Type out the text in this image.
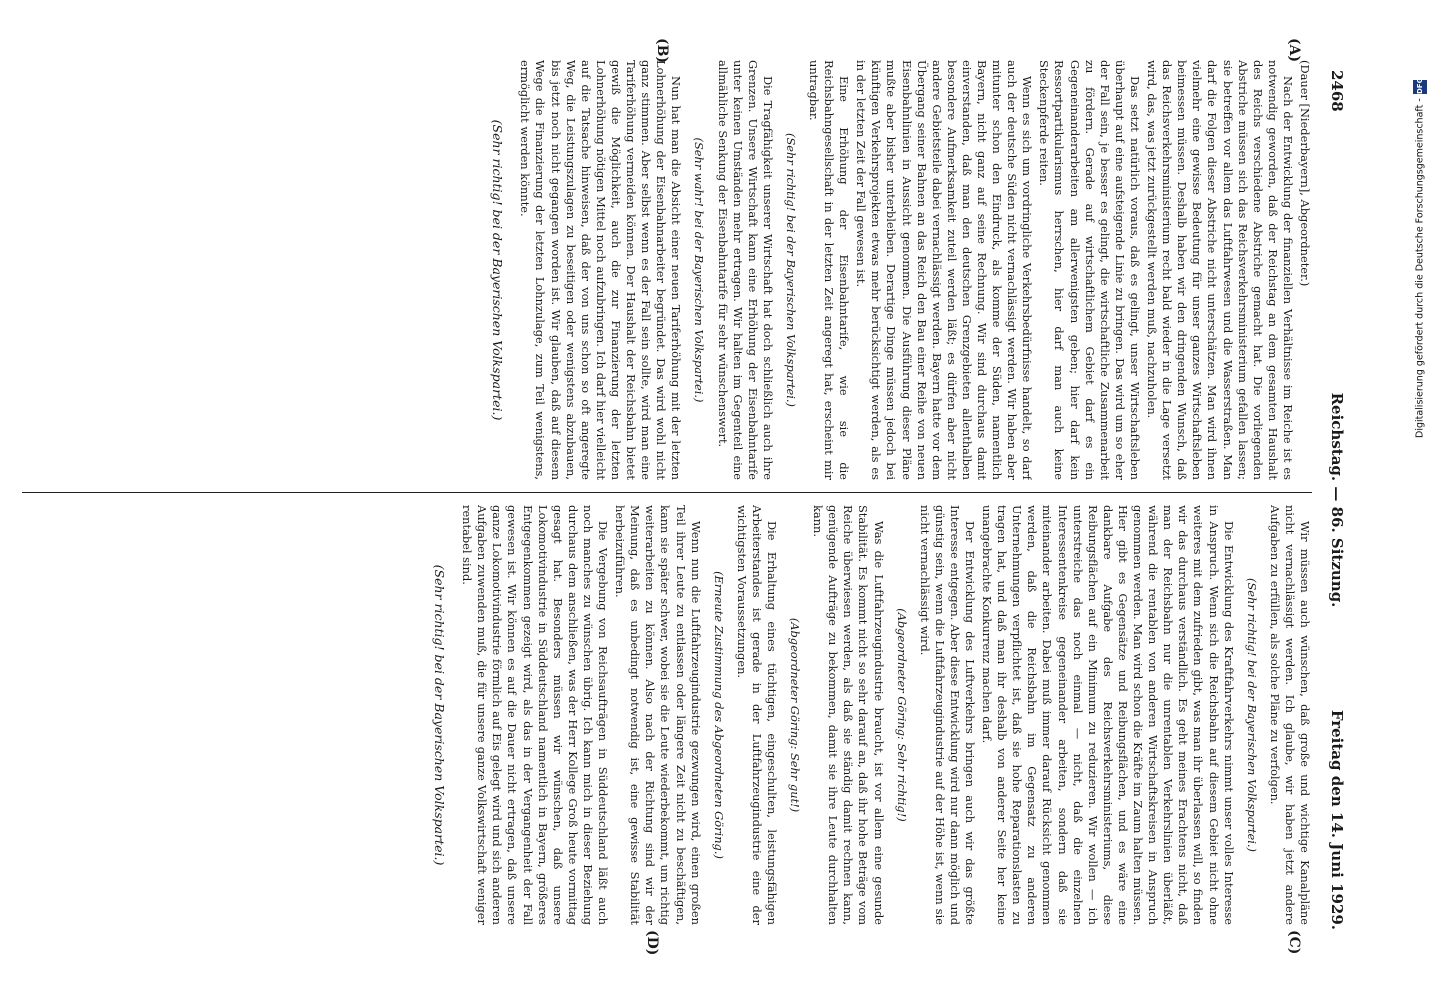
2468
Reichstag. — 86. Sitzung.
Freitag den 14. Juni 1929.
(A)
(B)
(C)
(D)

(Dauer [Niederbayern], Abgeordneter.)

Nach der Entwicklung der finanziellen Verhältnisse im Reiche ist es notwendig geworden, daß der Reichstag an dem gesamten Haushalt des Reichs verschiedene Abstriche gemacht hat. Die vorliegenden Abstriche müssen sich das Reichsverkehrsministerium gefallen lassen; sie betreffen vor allem das Luftfahrwesen und die Wasserstraßen. Man darf die Folgen dieser Abstriche nicht unterschätzen. Man wird ihnen vielmehr eine gewisse Bedeutung für unser ganzes Wirtschaftsleben beimessen müssen. Deshalb haben wir den dringenden Wunsch, daß das Reichsverkehrsministerium recht bald wieder in die Lage versetzt wird, das, was jetzt zurückgestellt werden muß, nachzuholen.

Das setzt natürlich voraus, daß es gelingt, unser Wirtschaftsleben überhaupt auf eine aufsteigende Linie zu bringen. Das wird um so eher der Fall sein, je besser es gelingt, die wirtschaftliche Zusammenarbeit zu fördern. Gerade auf wirtschaftlichem Gebiet darf es ein Gegeneinanderarbeiten am allerwenigsten geben; hier darf kein Ressortpartikularismus herrschen, hier darf man auch keine Steckenpferde reiten.

Wenn es sich um vordringliche Verkehrsbedürfnisse handelt, so darf auch der deutsche Süden nicht vernachlässigt werden. Wir haben aber mitunter schon den Eindruck, als komme der Süden, namentlich Bayern, nicht ganz auf seine Rechnung. Wir sind durchaus damit einverstanden, daß man den deutschen Grenzgebieten allenthalben besondere Aufmerksamkeit zuteil werden läßt; es dürfen aber nicht andere Gebietsteile dabei vernachlässigt werden. Bayern hatte vor dem Übergang seiner Bahnen an das Reich den Bau einer Reihe von neuen Eisenbahnlinien in Aussicht genommen. Die Ausführung dieser Pläne mußte aber bisher unterbleiben. Derartige Dinge müssen jedoch bei künftigen Verkehrsprojekten etwas mehr berücksichtigt werden, als es in der letzten Zeit der Fall gewesen ist.

Eine Erhöhung der Eisenbahntarife, wie sie die Reichsbahngesellschaft in der letzten Zeit angeregt hat, erscheint mir untragbar.

(Sehr richtig! bei der Bayerischen Volkspartei.)

Die Tragfähigkeit unserer Wirtschaft hat doch schließlich auch ihre Grenzen. Unsere Wirtschaft kann eine Erhöhung der Eisenbahntarife unter keinen Umständen mehr ertragen. Wir halten im Gegenteil eine allmähliche Senkung der Eisenbahntarife für sehr wünschenswert.

(Sehr wahr! bei der Bayerischen Volkspartei.)

Nun hat man die Absicht einer neuen Tariferhöhung mit der letzten Lohnerhöhung der Eisenbahnarbeiter begründet. Das wird wohl nicht ganz stimmen. Aber selbst wenn es der Fall sein sollte, wird man eine Tariferhöhung vermeiden können. Der Haushalt der Reichsbahn bietet gewiß die Möglichkeit, auch die zur Finanzierung der letzten Lohnerhöhung nötigen Mittel noch aufzubringen. Ich darf hier vielleicht auf die Tatsache hinweisen, daß der von uns schon so oft angeregte Weg, die Leistungszulagen zu beseitigen oder wenigstens abzubauen, bis jetzt noch nicht gegangen worden ist. Wir glauben, daß auf diesem Wege die Finanzierung der letzten Lohnzulage, zum Teil wenigstens, ermöglicht werden könnte.

(Sehr richtig! bei der Bayerischen Volkspartei.)

Wir müssen auch wünschen, daß große und wichtige Kanalpläne nicht vernachlässigt werden. Ich glaube, wir haben jetzt andere Aufgaben zu erfüllen, als solche Pläne zu verfolgen.

(Sehr richtig! bei der Bayerischen Volkspartei.)

Die Entwicklung des Kraftfahrverkehrs nimmt unser volles Interesse in Anspruch. Wenn sich die Reichsbahn auf diesem Gebiet nicht ohne weiteres mit dem zufrieden gibt, was man ihr überlassen will, so finden wir das durchaus verständlich. Es geht meines Erachtens nicht, daß man der Reichsbahn nur die unrentablen Verkehrslinien überläßt, während die rentablen von anderen Wirtschaftskreisen in Anspruch genommen werden. Man wird schon die Kräfte im Zaum halten müssen. Hier gibt es Gegensätze und Reibungsflächen, und es wäre eine dankbare Aufgabe des Reichsverkehrsministeriums, diese Reibungsflächen auf ein Minimum zu reduzieren. Wir wollen — ich unterstreiche das noch einmal — nicht, daß die einzelnen Interessentenkreise gegeneinander arbeiten, sondern daß sie miteinander arbeiten. Dabei muß immer darauf Rücksicht genommen werden, daß die Reichsbahn im Gegensatz zu anderen Unternehmungen verpflichtet ist, daß sie hohe Reparationslasten zu tragen hat, und daß man ihr deshalb von anderer Seite her keine unangebrachte Konkurrenz machen darf.

Der Entwicklung des Luftverkehrs bringen auch wir das größte Interesse entgegen. Aber diese Entwicklung wird nur dann möglich und günstig sein, wenn die Luftfahrzeugindustrie auf der Höhe ist, wenn sie nicht vernachlässigt wird.

(Abgeordneter Göring: Sehr richtig!)

Was die Luftfahrzeugindustrie braucht, ist vor allem eine gesunde Stabilität. Es kommt nicht so sehr darauf an, daß ihr hohe Beträge vom Reiche überwiesen werden, als daß sie ständig damit rechnen kann, genügende Aufträge zu bekommen, damit sie ihre Leute durchhalten kann.

(Abgeordneter Göring: Sehr gut!)

Die Erhaltung eines tüchtigen, eingeschulten, leistungsfähigen Arbeiterstandes ist gerade in der Luftfahrzeugindustrie eine der wichtigsten Voraussetzungen.

(Erneute Zustimmung des Abgeordneten Göring.)

Wenn nun die Luftfahrzeugindustrie gezwungen wird, einen großen Teil ihrer Leute zu entlassen oder längere Zeit nicht zu beschäftigen, kann sie später schwer, wobei sie die Leute wiederbekommt, um richtig weiterarbeiten zu können. Also nach der Richtung sind wir der Meinung, daß es unbedingt notwendig ist, eine gewisse Stabilität herbeizuführen.

Die Vergebung von Reichsaufträgen in Süddeutschland läßt auch noch manches zu wünschen übrig. Ich kann mich in dieser Beziehung durchaus dem anschließen, was der Herr Kollege Groß heute vormittag gesagt hat. Besonders müssen wir wünschen, daß unsere Lokomotivindustrie in Süddeutschland namentlich in Bayern, größeres Entgegenkommen gezeigt wird, als das in der Vergangenheit der Fall gewesen ist. Wir können es auf die Dauer nicht ertragen, daß unsere ganze Lokomotivindustrie förmlich auf Eis gelegt wird und sich anderen Aufgaben zuwenden muß, die für unsere ganze Volkswirtschaft weniger rentabel sind.

(Sehr richtig! bei der Bayerischen Volkspartei.)

Digitalisierung gefördert durch die Deutsche Forschungsgemeinschaft -
DFG
